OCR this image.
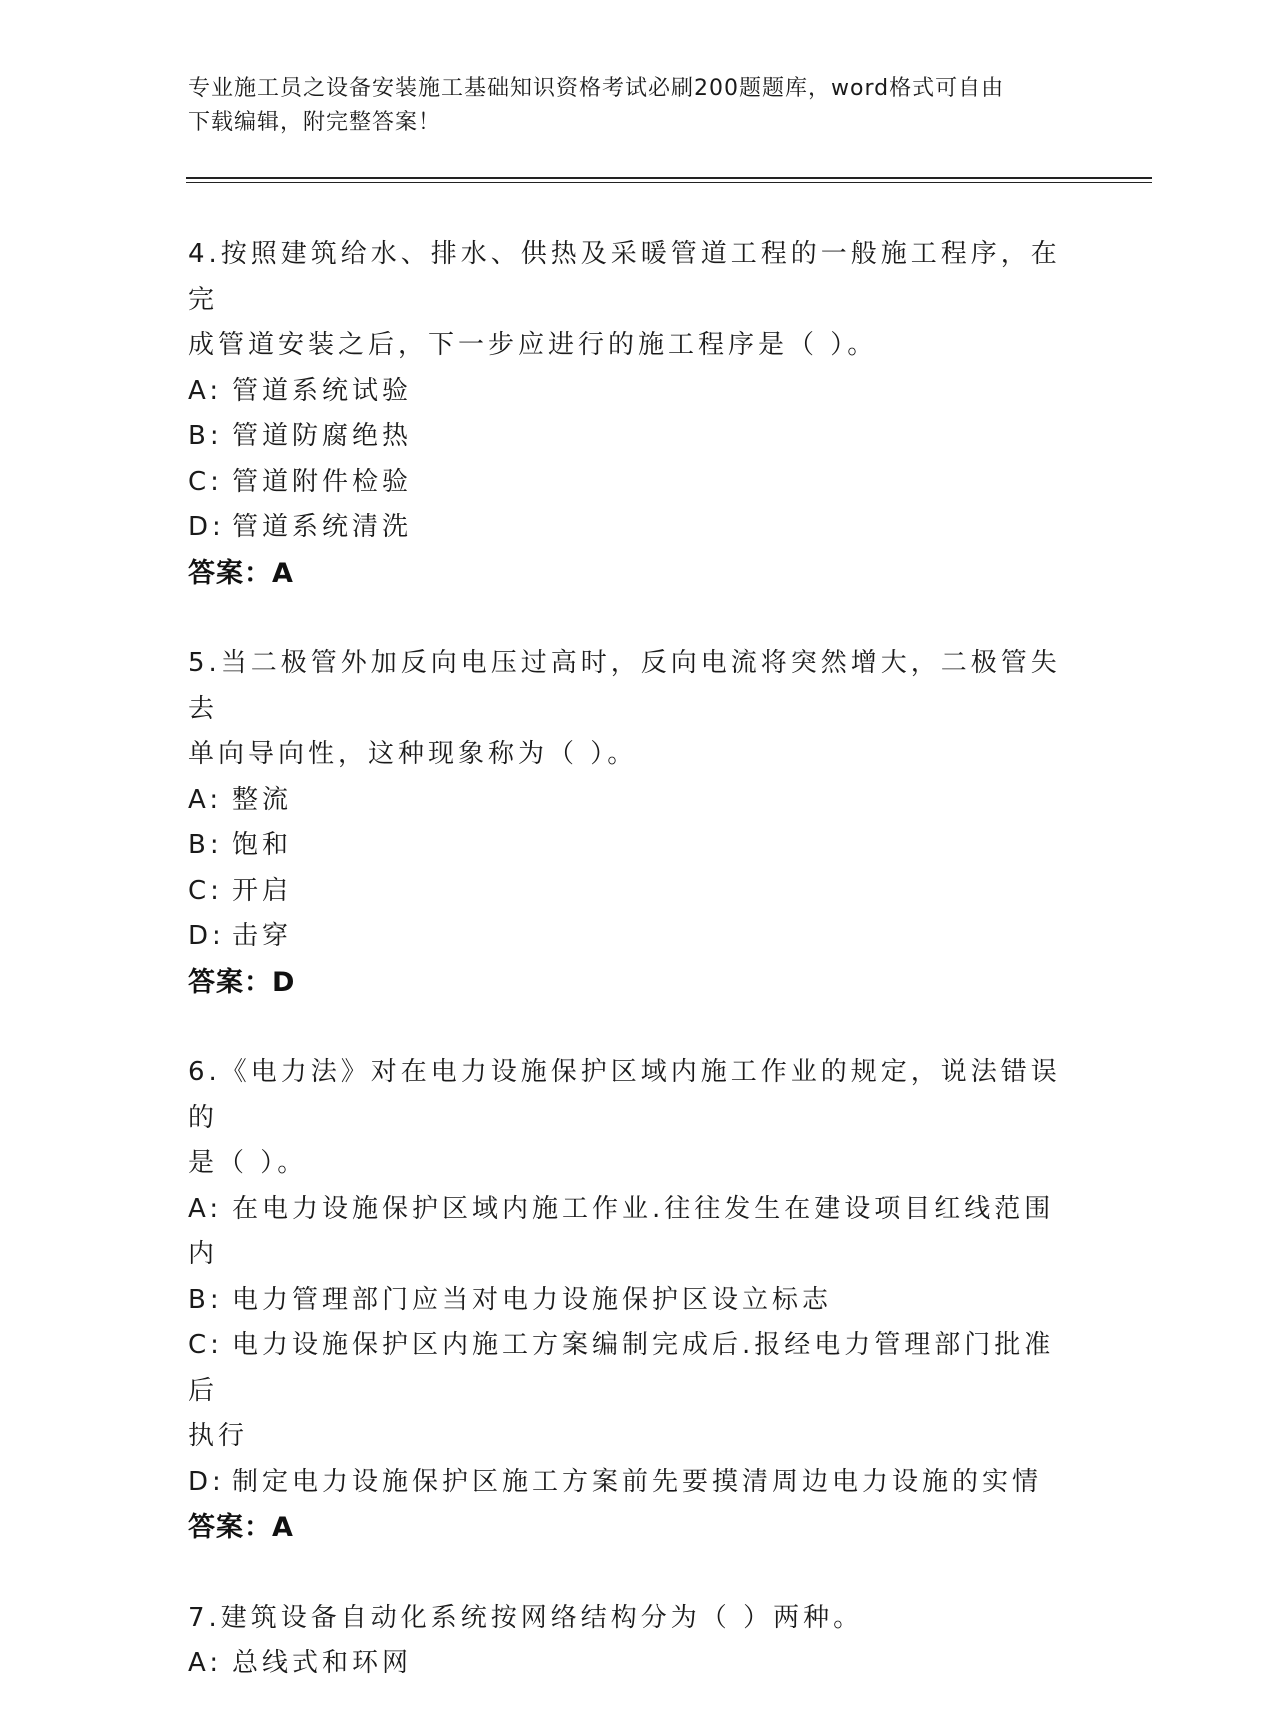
专业施工员之设备安装施工基础知识资格考试必刷200题题库，word格式可自由
下载编辑，附完整答案！
4.按照建筑给水、排水、供热及采暖管道工程的一般施工程序，在完
成管道安装之后，下一步应进行的施工程序是（ ）。
A: 管道系统试验
B: 管道防腐绝热
C: 管道附件检验
D: 管道系统清洗
答案：A
5.当二极管外加反向电压过高时，反向电流将突然增大，二极管失去
单向导向性，这种现象称为（ ）。
A: 整流
B: 饱和
C: 开启
D: 击穿
答案：D
6.《电力法》对在电力设施保护区域内施工作业的规定，说法错误的
是（ ）。
A: 在电力设施保护区域内施工作业.往往发生在建设项目红线范围内
B: 电力管理部门应当对电力设施保护区设立标志
C: 电力设施保护区内施工方案编制完成后.报经电力管理部门批准后
执行
D: 制定电力设施保护区施工方案前先要摸清周边电力设施的实情
答案：A
7.建筑设备自动化系统按网络结构分为（ ）两种。
A: 总线式和环网
